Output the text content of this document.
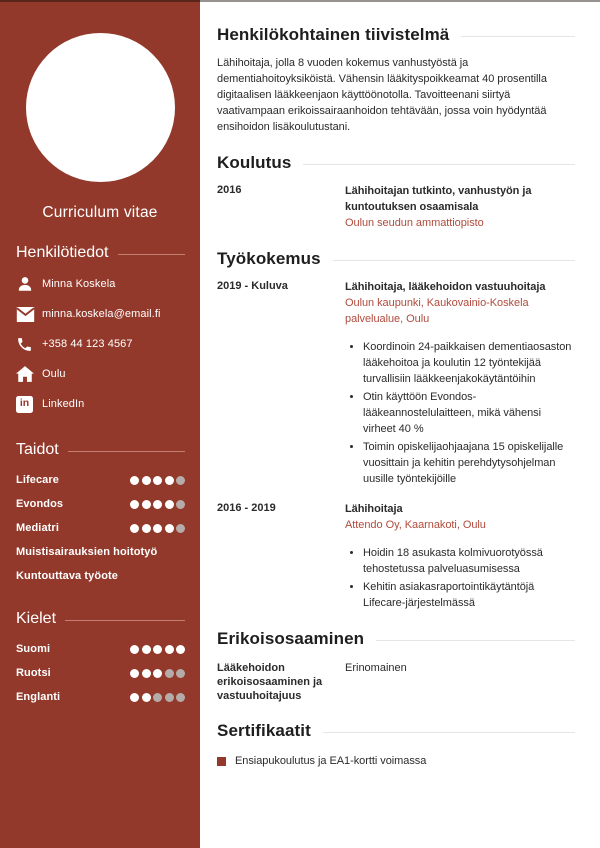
Curriculum vitae
Henkilötiedot
Minna Koskela
minna.koskela@email.fi
+358 44 123 4567
Oulu
in	LinkedIn
Taidot
Lifecare
Evondos
Mediatri
Muistisairauksien hoitotyö
Kuntouttava työote
Kielet
Suomi
Ruotsi
Englanti
Henkilökohtainen tiivistelmä

Lähihoitaja, jolla 8 vuoden kokemus vanhustyöstä ja dementiahoitoyksiköistä. Vähensin lääkityspoikkeamat 40 prosentilla digitaalisen lääkkeenjaon käyttöönotolla. Tavoitteenani siirtyä vaativampaan erikoissairaanhoidon tehtävään, jossa voin hyödyntää ensihoidon lisäkoulutustani.

Koulutus
2016	Lähihoitajan tutkinto, vanhustyön ja kuntoutuksen osaamisala
Oulun seudun ammattiopisto
Työkokemus
2019 - Kuluva	Lähihoitaja, lääkehoidon vastuuhoitaja
Oulun kaupunki, Kaukovainio-Koskela palvelualue, Oulu
• Koordinoin 24-paikkaisen dementiaosaston lääkehoitoa ja koulutin 12 työntekijää turvallisiin lääkkeenjakokäytäntöihin
• Otin käyttöön Evondos-lääkeannostelulaitteen, mikä vähensi virheet 40 %
• Toimin opiskelijaohjaajana 15 opiskelijalle vuosittain ja kehitin perehdytysohjelman uusille työntekijöille
2016 - 2019	Lähihoitaja
Attendo Oy, Kaarnakoti, Oulu
• Hoidin 18 asukasta kolmivuorotyössä tehostetussa palveluasumisessa
• Kehitin asiakasraportointikäytäntöjä Lifecare-järjestelmässä
Erikoisosaaminen
Lääkehoidon erikoisosaaminen ja vastuuhoitajuus
Erinomainen
Sertifikaatit
Ensiapukoulutus ja EA1-kortti voimassa
